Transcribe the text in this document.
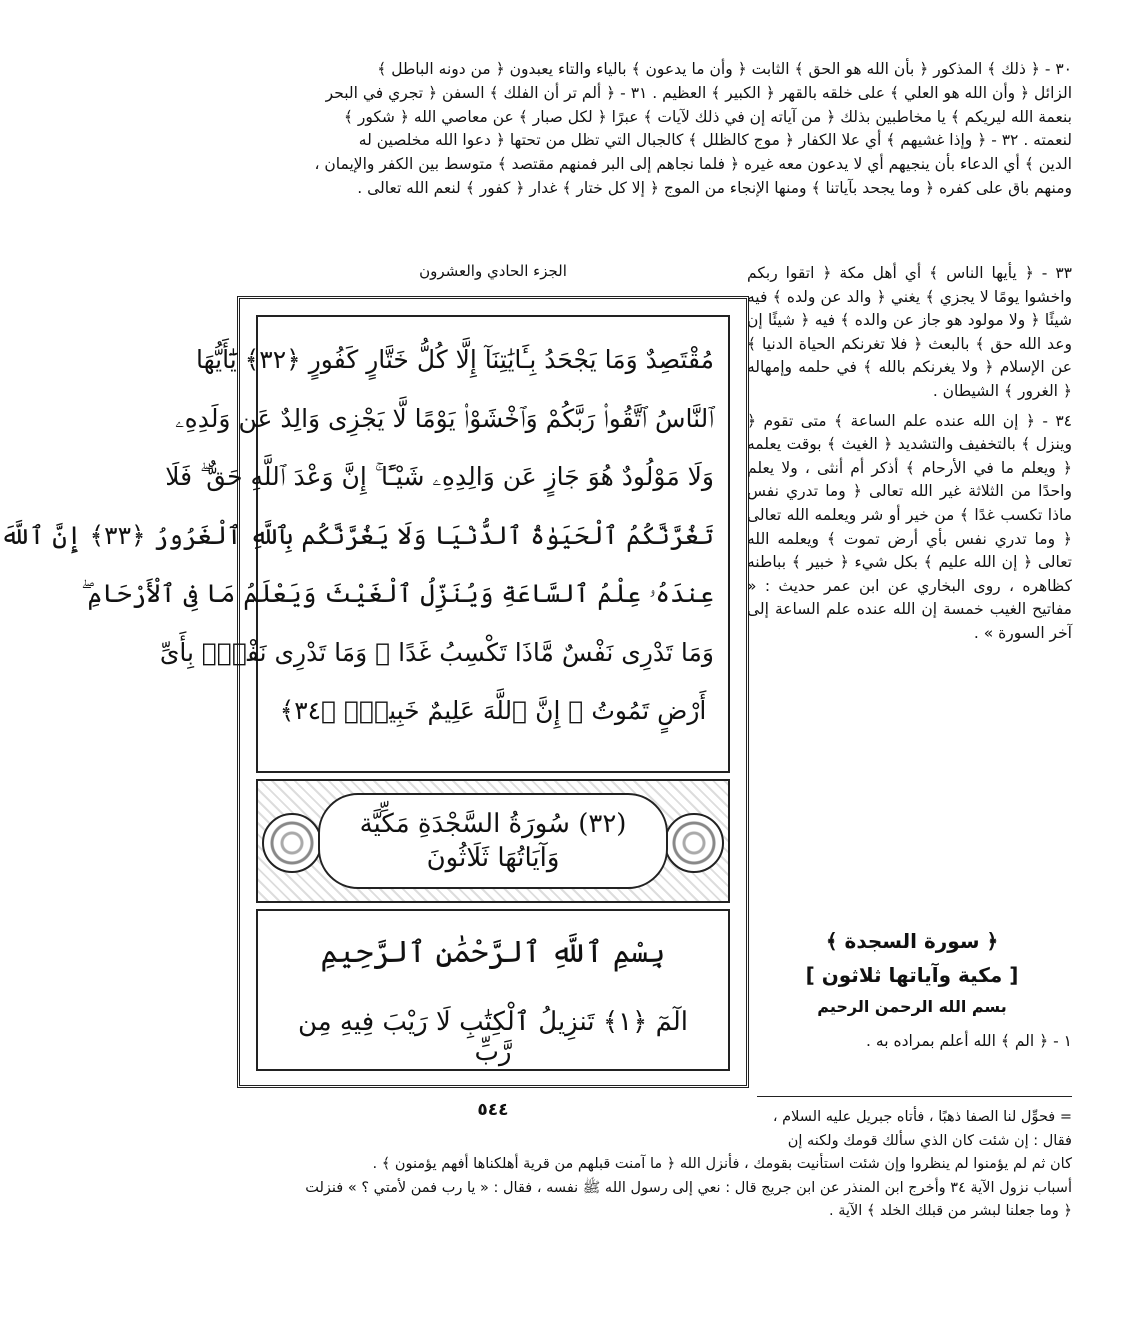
٣٠ - ﴿ ذلك ﴾ المذكور ﴿ بأن الله هو الحق ﴾ الثابت ﴿ وأن ما يدعون ﴾ بالياء والتاء يعبدون ﴿ من دونه الباطل ﴾
الزائل ﴿ وأن الله هو العلي ﴾ على خلقه بالقهر ﴿ الكبير ﴾ العظيم . ٣١ - ﴿ ألم تر أن الفلك ﴾ السفن ﴿ تجري في البحر
بنعمة الله ليريكم ﴾ يا مخاطبين بذلك ﴿ من آياته إن في ذلك لآيات ﴾ عبرًا ﴿ لكل صبار ﴾ عن معاصي الله ﴿ شكور ﴾
لنعمته . ٣٢ - ﴿ وإذا غشيهم ﴾ أي علا الكفار ﴿ موج كالظلل ﴾ كالجبال التي تظل من تحتها ﴿ دعوا الله مخلصين له
الدين ﴾ أي الدعاء بأن ينجيهم أي لا يدعون معه غيره ﴿ فلما نجاهم إلى البر فمنهم مقتصد ﴾ متوسط بين الكفر والإيمان ،
ومنهم باق على كفره ﴿ وما يجحد بآياتنا ﴾ ومنها الإنجاء من الموج ﴿ إلا كل ختار ﴾ غدار ﴿ كفور ﴾ لنعم الله تعالى .
الجزء الحادي والعشرون
مُقْتَصِدٌ وَمَا يَجْحَدُ بِـَٔايَٰتِنَآ إِلَّا كُلُّ خَتَّارٍ كَفُورٍ ﴿٣٢﴾ يَٰٓأَيُّهَا
ٱلنَّاسُ ٱتَّقُوا۟ رَبَّكُمْ وَٱخْشَوْا۟ يَوْمًا لَّا يَجْزِى وَالِدٌ عَن وَلَدِهِۦ
وَلَا مَوْلُودٌ هُوَ جَازٍ عَن وَالِدِهِۦ شَيْـًٔا ۚ إِنَّ وَعْدَ ٱللَّهِ حَقٌّ ۖ فَلَا
تَغُرَّنَّكُمُ ٱلْحَيَوٰةُ ٱلدُّنْيَا وَلَا يَغُرَّنَّكُم بِٱللَّهِ ٱلْغَرُورُ ﴿٣٣﴾ إِنَّ ٱللَّهَ
عِندَهُۥ عِلْمُ ٱلسَّاعَةِ وَيُنَزِّلُ ٱلْغَيْثَ وَيَعْلَمُ مَا فِى ٱلْأَرْحَامِ ۖ
وَمَا تَدْرِى نَفْسٌ مَّاذَا تَكْسِبُ غَدًا ۖ وَمَا تَدْرِى نَفْسٌۢ بِأَىِّ
أَرْضٍ تَمُوتُ ۚ إِنَّ ٱللَّهَ عَلِيمٌ خَبِيرٌۢ ﴿٣٤﴾
(٣٢) سُورَةُ السَّجْدَةِ مَكِّيَّة
وَآيَاتُهَا ثَلَاثُونَ
بِسْمِ ٱللَّهِ ٱلرَّحْمَٰنِ ٱلرَّحِيمِ
الٓمٓ ﴿١﴾ تَنزِيلُ ٱلْكِتَٰبِ لَا رَيْبَ فِيهِ مِن رَّبِّ

٣٣ - ﴿ يأيها الناس ﴾ أي أهل مكة ﴿ اتقوا ربكم واخشوا يومًا لا يجزي ﴾ يغني ﴿ والد عن ولده ﴾ فيه شيئًا ﴿ ولا مولود هو جاز عن والده ﴾ فيه ﴿ شيئًا إن وعد الله حق ﴾ بالبعث ﴿ فلا تغرنكم الحياة الدنيا ﴾ عن الإسلام ﴿ ولا يغرنكم بالله ﴾ في حلمه وإمهاله ﴿ الغرور ﴾ الشيطان .

٣٤ - ﴿ إن الله عنده علم الساعة ﴾ متى تقوم ﴿ وينزل ﴾ بالتخفيف والتشديد ﴿ الغيث ﴾ بوقت يعلمه ﴿ ويعلم ما في الأرحام ﴾ أذكر أم أنثى ، ولا يعلم واحدًا من الثلاثة غير الله تعالى ﴿ وما تدري نفس ماذا تكسب غدًا ﴾ من خير أو شر ويعلمه الله تعالى ﴿ وما تدري نفس بأي أرض تموت ﴾ ويعلمه الله تعالى ﴿ إن الله عليم ﴾ بكل شيء ﴿ خبير ﴾ بباطنه كظاهره ، روى البخاري عن ابن عمر حديث : « مفاتيح الغيب خمسة إن الله عنده علم الساعة إلى آخر السورة » .

﴿ سورة السجدة ﴾
[ مكية وآياتها ثلاثون ]
بسم الله الرحمن الرحيم
١ - ﴿ الم ﴾ الله أعلم بمراده به .
٥٤٤	= فحوِّل لنا الصفا ذهبًا ، فأتاه جبريل عليه السلام ،
فقال : إن شئت كان الذي سألك قومك ولكنه إن
كان ثم لم يؤمنوا لم ينظروا وإن شئت استأنيت بقومك ، فأنزل الله ﴿ ما آمنت قبلهم من قرية أهلكناها أفهم يؤمنون ﴾ .
أسباب نزول الآية ٣٤ وأخرج ابن المنذر عن ابن جريج قال : نعي إلى رسول الله ﷺ نفسه ، فقال : « يا رب فمن لأمتي ؟ » فنزلت
﴿ وما جعلنا لبشر من قبلك الخلد ﴾ الآية .
